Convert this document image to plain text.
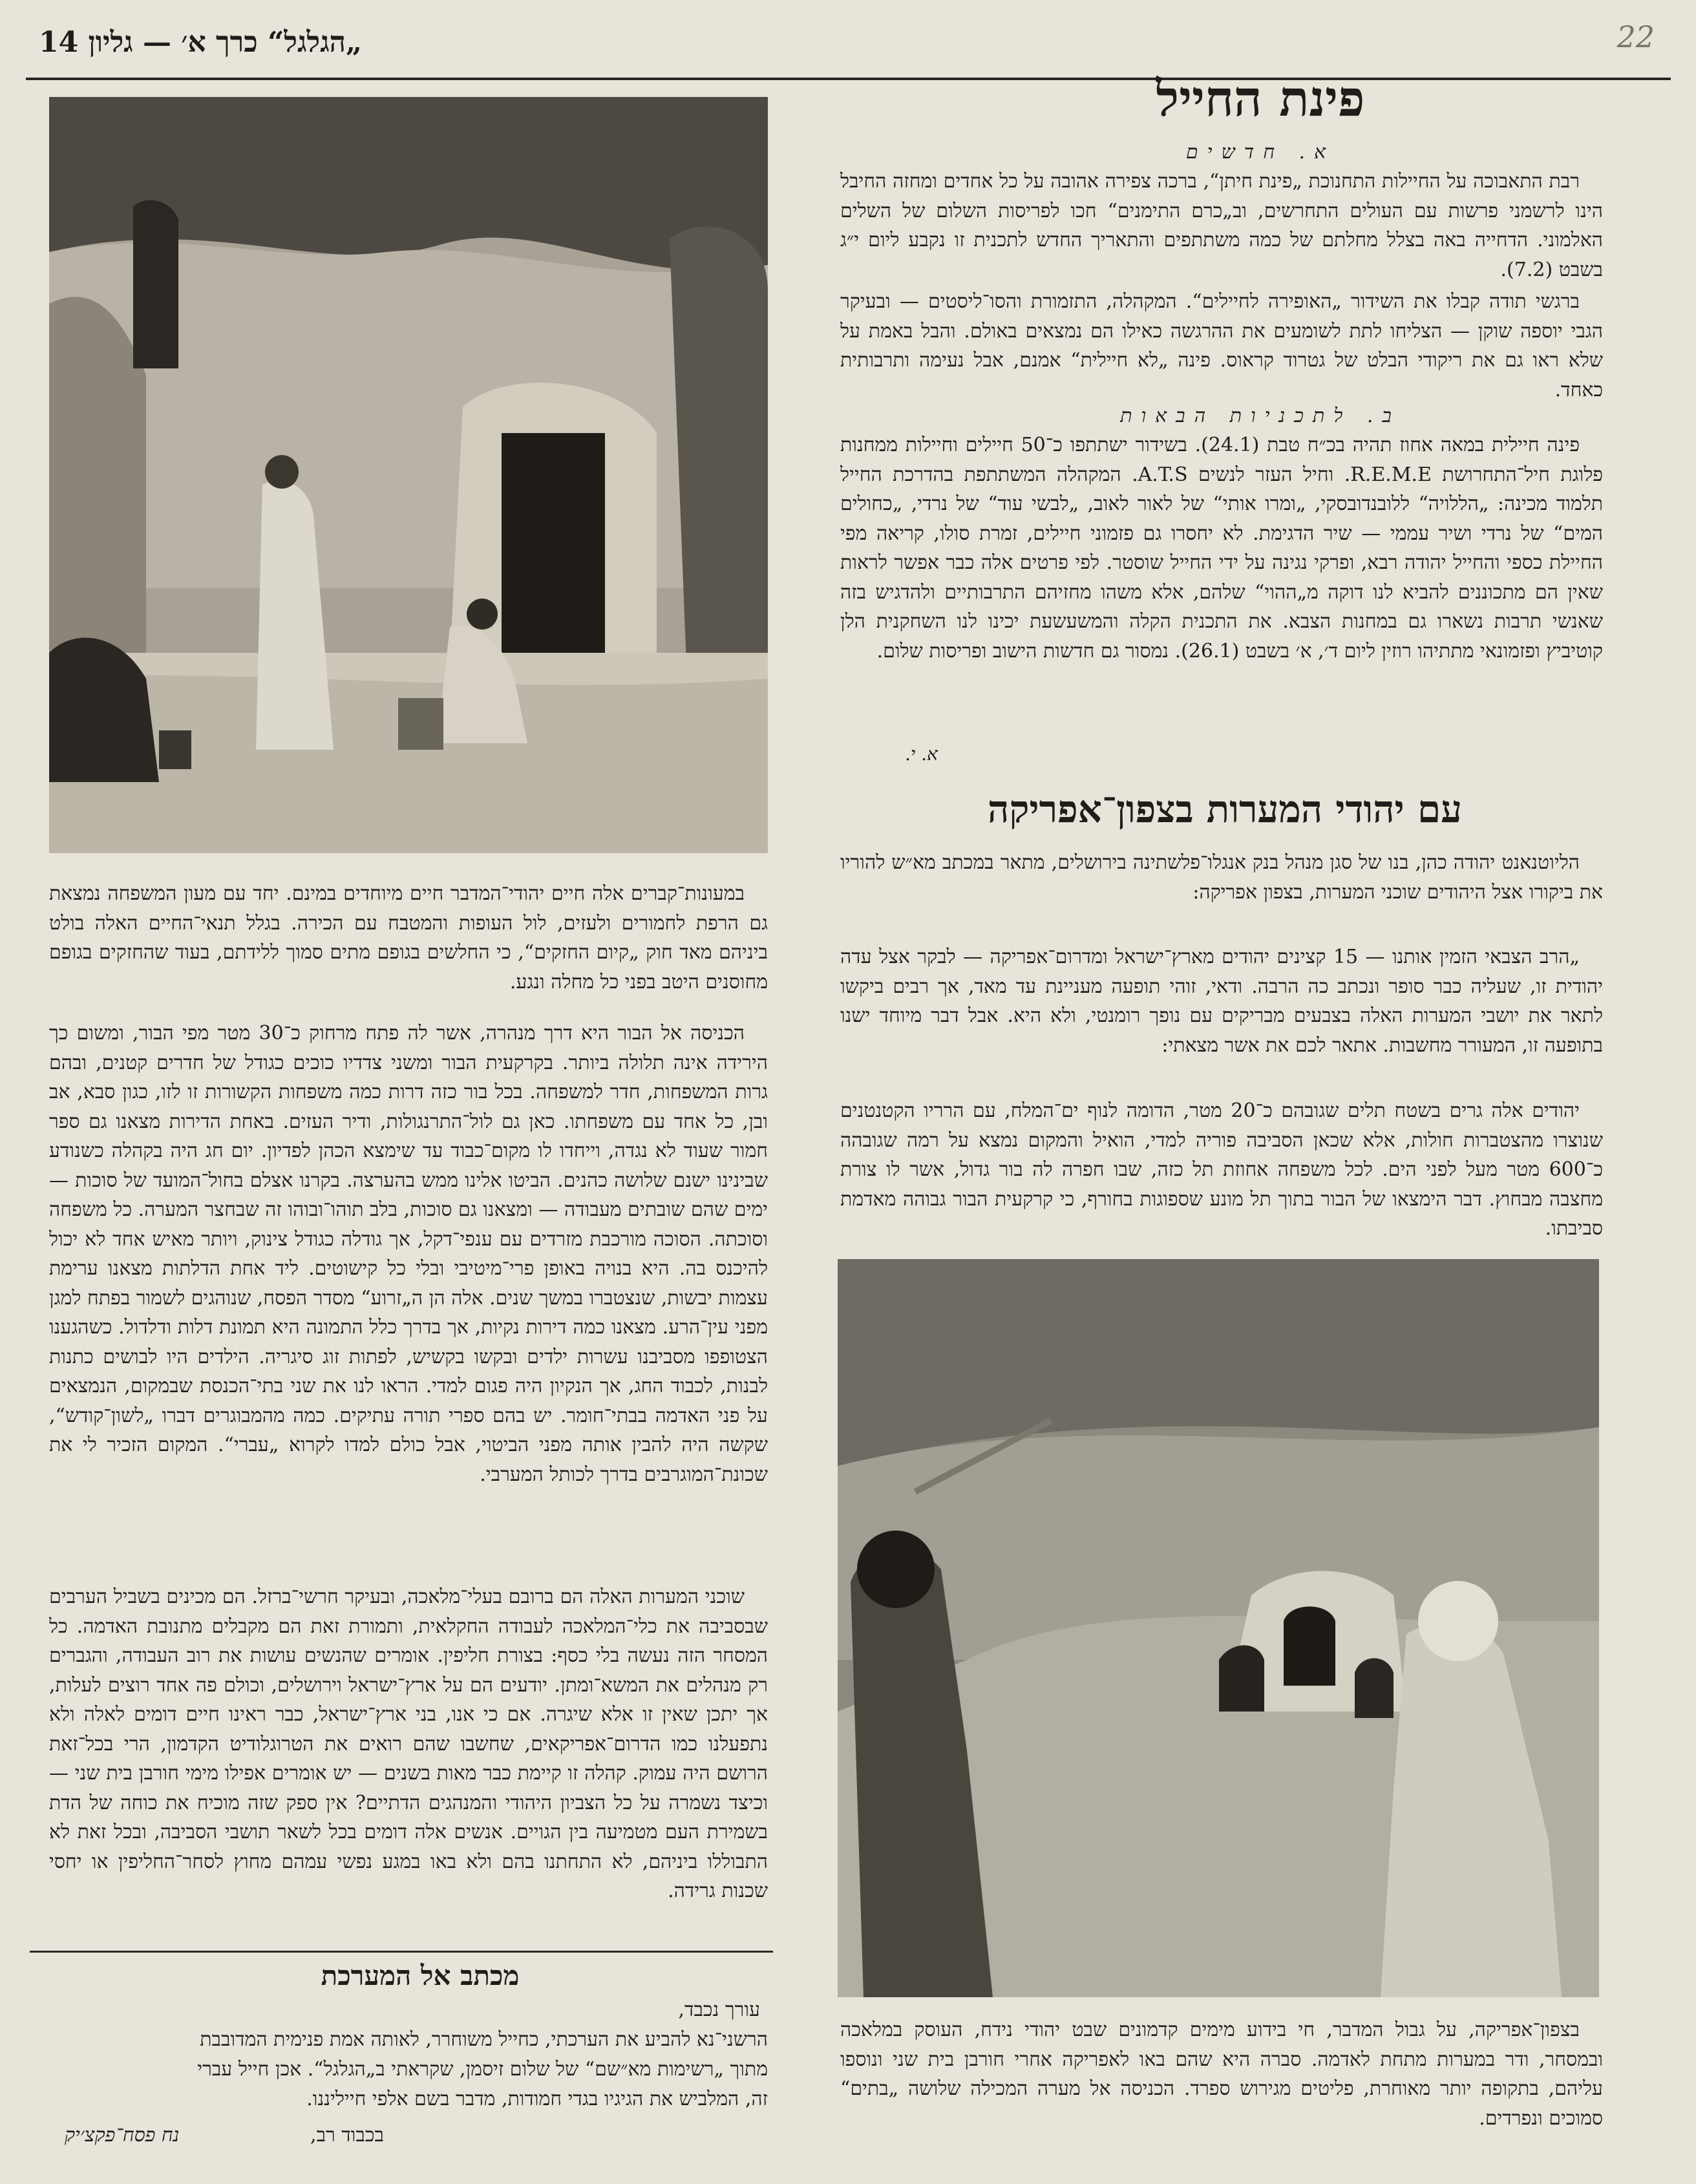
„הגלגל“ כרך א׳ — גליון 14	22
פינת החייל
א. חדשים
רבת התאבוכה על החיילות התחנוכת „פינת חיתן“, ברכה צפירה אהובה על כל אחדים ומחזה החיבל הינו לרשמני פרשות עם העולים התחרשים, וב„כרם התימנים“ חכו לפריסות השלום של השלים האלמוני. הדחייה באה בצלל מחלתם של כמה משתתפים והתאריך החדש לתכנית זו נקבע ליום י״ג בשבט (7.2).
ברגשי תודה קבלו את השידור „האופירה לחיילים“. המקהלה, התזמורת והסו־ליסטים — ובעיקר הגבי יוספה שוקן — הצליחו לתת לשומעים את ההרגשה כאילו הם נמצאים באולם. והבל באמת על שלא ראו גם את ריקודי הבלט של גטרוד קראוס. פינה „לא חיילית“ אמנם, אבל נעימה ותרבותית כאחד.
ב. לתכניות הבאות
פינה חיילית במאה אחוז תהיה בכ״ח טבת (24.1). בשידור ישתתפו כ־50 חיילים וחיילות ממחנות פלוגת חיל־התחרושת R.E.M.E. וחיל העזר לנשים A.T.S. המקהלה המשתתפת בהדרכת החייל תלמוד מכינה: „הללויה“ ללובנדובסקי, „ומרו אותי“ של לאור לאוב, „לבשי עוד“ של נרדי, „כחולים המים“ של נרדי ושיר עממי — שיר הדגימת. לא יחסרו גם פזמוני חיילים, זמרת סולו, קריאה מפי החיילת כספי והחייל יהודה רבא, ופרקי נגינה על ידי החייל שוסטר. לפי פרטים אלה כבר אפשר לראות שאין הם מתכוננים להביא לנו דוקה מ„ההוי“ שלהם, אלא משהו מחזיהם התרבותיים ולהדגיש בזה שאנשי תרבות נשארו גם במחנות הצבא. את התכנית הקלה והמשעשעת יכינו לנו השחקנית הלן קוטיביץ ופזמונאי מתתיהו רוזין ליום ד׳, א׳ בשבט (26.1). נמסור גם חדשות הישוב ופריסות שלום.
א. י.
עם יהודי המערות בצפון־אפריקה
הליוטנאנט יהודה כהן, בנו של סגן מנהל בנק אנגלו־פלשתינה בירושלים, מתאר במכתב מא״ש להוריו את ביקורו אצל היהודים שוכני המערות, בצפון אפריקה:
„הרב הצבאי הזמין אותנו — 15 קצינים יהודים מארץ־ישראל ומדרום־אפריקה — לבקר אצל עדה יהודית זו, שעליה כבר סופר ונכתב כה הרבה. ודאי, זוהי תופעה מעניינת עד מאד, אך רבים ביקשו לתאר את יושבי המערות האלה בצבעים מבריקים עם נופך רומנטי, ולא היא. אבל דבר מיוחד ישנו בתופעה זו, המעורר מחשבות. אתאר לכם את אשר מצאתי:
יהודים אלה גרים בשטח תלים שגובהם כ־20 מטר, הדומה לנוף ים־המלח, עם הרריו הקטנטנים שנוצרו מהצטברות חולות, אלא שכאן הסביבה פוריה למדי, הואיל והמקום נמצא על רמה שגובהה כ־600 מטר מעל לפני הים. לכל משפחה אחוזת תל כזה, שבו חפרה לה בור גדול, אשר לו צורת מחצבה מבחוץ. דבר הימצאו של הבור בתוך תל מונע שספוגות בחורף, כי קרקעית הבור גבוהה מאדמת סביבתו.
במעונות־קברים אלה חיים יהודי־המדבר חיים מיוחדים במינם. יחד עם מעון המשפחה נמצאת גם הרפת לחמורים ולעזים, לול העופות והמטבח עם הכירה. בגלל תנאי־החיים האלה בולט ביניהם מאד חוק „קיום החזקים“, כי החלשים בגופם מתים סמוך ללידתם, בעוד שהחזקים בגופם מחוסנים היטב בפני כל מחלה ונגע.
הכניסה אל הבור היא דרך מנהרה, אשר לה פתח מרחוק כ־30 מטר מפי הבור, ומשום כך הירידה אינה תלולה ביותר. בקרקעית הבור ומשני צדדיו כוכים כגודל של חדרים קטנים, ובהם גרות המשפחות, חדר למשפחה. בכל בור כזה דרות כמה משפחות הקשורות זו לזו, כגון סבא, אב ובן, כל אחד עם משפחתו. כאן גם לול־התרנגולות, ודיר העזים. באחת הדירות מצאנו גם ספר חמור שעוד לא נגדה, וייחדו לו מקום־כבוד עד שימצא הכהן לפדיון. יום חג היה בקהלה כשנודע שבינינו ישנם שלושה כהנים. הביטו אלינו ממש בהערצה. בקרנו אצלם בחול־המועד של סוכות — ימים שהם שובתים מעבודה — ומצאנו גם סוכות, בלב תוהו־ובוהו זה שבחצר המערה. כל משפחה וסוכתה. הסוכה מורכבת מזרדים עם ענפי־דקל, אך גודלה כגודל צינוק, ויותר מאיש אחד לא יכול להיכנס בה. היא בנויה באופן פרי־מיטיבי ובלי כל קישוטים. ליד אחת הדלתות מצאנו ערימת עצמות יבשות, שנצטברו במשך שנים. אלה הן ה„זרוע“ מסדר הפסח, שנוהגים לשמור בפתח למגן מפני עין־הרע. מצאנו כמה דירות נקיות, אך בדרך כלל התמונה היא תמונת דלות ודלדול. כשהגענו הצטופפו מסביבנו עשרות ילדים ובקשו בקשיש, לפתות זוג סיגריה. הילדים היו לבושים כתנות לבנות, לכבוד החג, אך הנקיון היה פגום למדי. הראו לנו את שני בתי־הכנסת שבמקום, הנמצאים על פני האדמה בבתי־חומר. יש בהם ספרי תורה עתיקים. כמה מהמבוגרים דברו „לשון־קודש“, שקשה היה להבין אותה מפני הביטוי, אבל כולם למדו לקרוא „עברי“. המקום הזכיר לי את שכונת־המוגרבים בדרך לכותל המערבי.
שוכני המערות האלה הם ברובם בעלי־מלאכה, ובעיקר חרשי־ברזל. הם מכינים בשביל הערבים שבסביבה את כלי־המלאכה לעבודה החקלאית, ותמורת זאת הם מקבלים מתנובת האדמה. כל המסחר הזה נעשה בלי כסף: בצורת חליפין. אומרים שהנשים עושות את רוב העבודה, והגברים רק מנהלים את המשא־ומתן. יודעים הם על ארץ־ישראל וירושלים, וכולם פה אחד רוצים לעלות, אך יתכן שאין זו אלא שיגרה. אם כי אנו, בני ארץ־ישראל, כבר ראינו חיים דומים לאלה ולא נתפעלנו כמו הדרום־אפריקאים, שחשבו שהם רואים את הטרוגלודיט הקדמון, הרי בכל־זאת הרושם היה עמוק. קהלה זו קיימת כבר מאות בשנים — יש אומרים אפילו מימי חורבן בית שני — וכיצד נשמרה על כל הצביון היהודי והמנהגים הדתיים? אין ספק שזה מוכיח את כוחה של הדת בשמירת העם מטמיעה בין הגויים. אנשים אלה דומים בכל לשאר תושבי הסביבה, ובכל זאת לא התבוללו ביניהם, לא התחתנו בהם ולא באו במגע נפשי עמהם מחוץ לסחר־החליפין או יחסי שכנות גרידה.
בצפון־אפריקה, על גבול המדבר, חי בידוע מימים קדמונים שבט יהודי נידח, העוסק במלאכה ובמסחר, ודר במערות מתחת לאדמה. סברה היא שהם באו לאפריקה אחרי חורבן בית שני ונוספו עליהם, בתקופה יותר מאוחרת, פליטים מגירוש ספרד. הכניסה אל מערה המכילה שלושה „בתים“ סמוכים ונפרדים.
מכתב אל המערכת
עורך נכבד,
הרשני־נא להביע את הערכתי, כחייל משוחרר, לאותה אמת פנימית המדובבת
מתוך „רשימות מא״שם“ של שלום זיסמן, שקראתי ב„הגלגל“. אכן חייל עברי
זה, המלביש את הגיגיו בגדי חמודות, מדבר בשם אלפי חייליננו.
בכבוד רב,
נח פסח־פקצ׳יק
